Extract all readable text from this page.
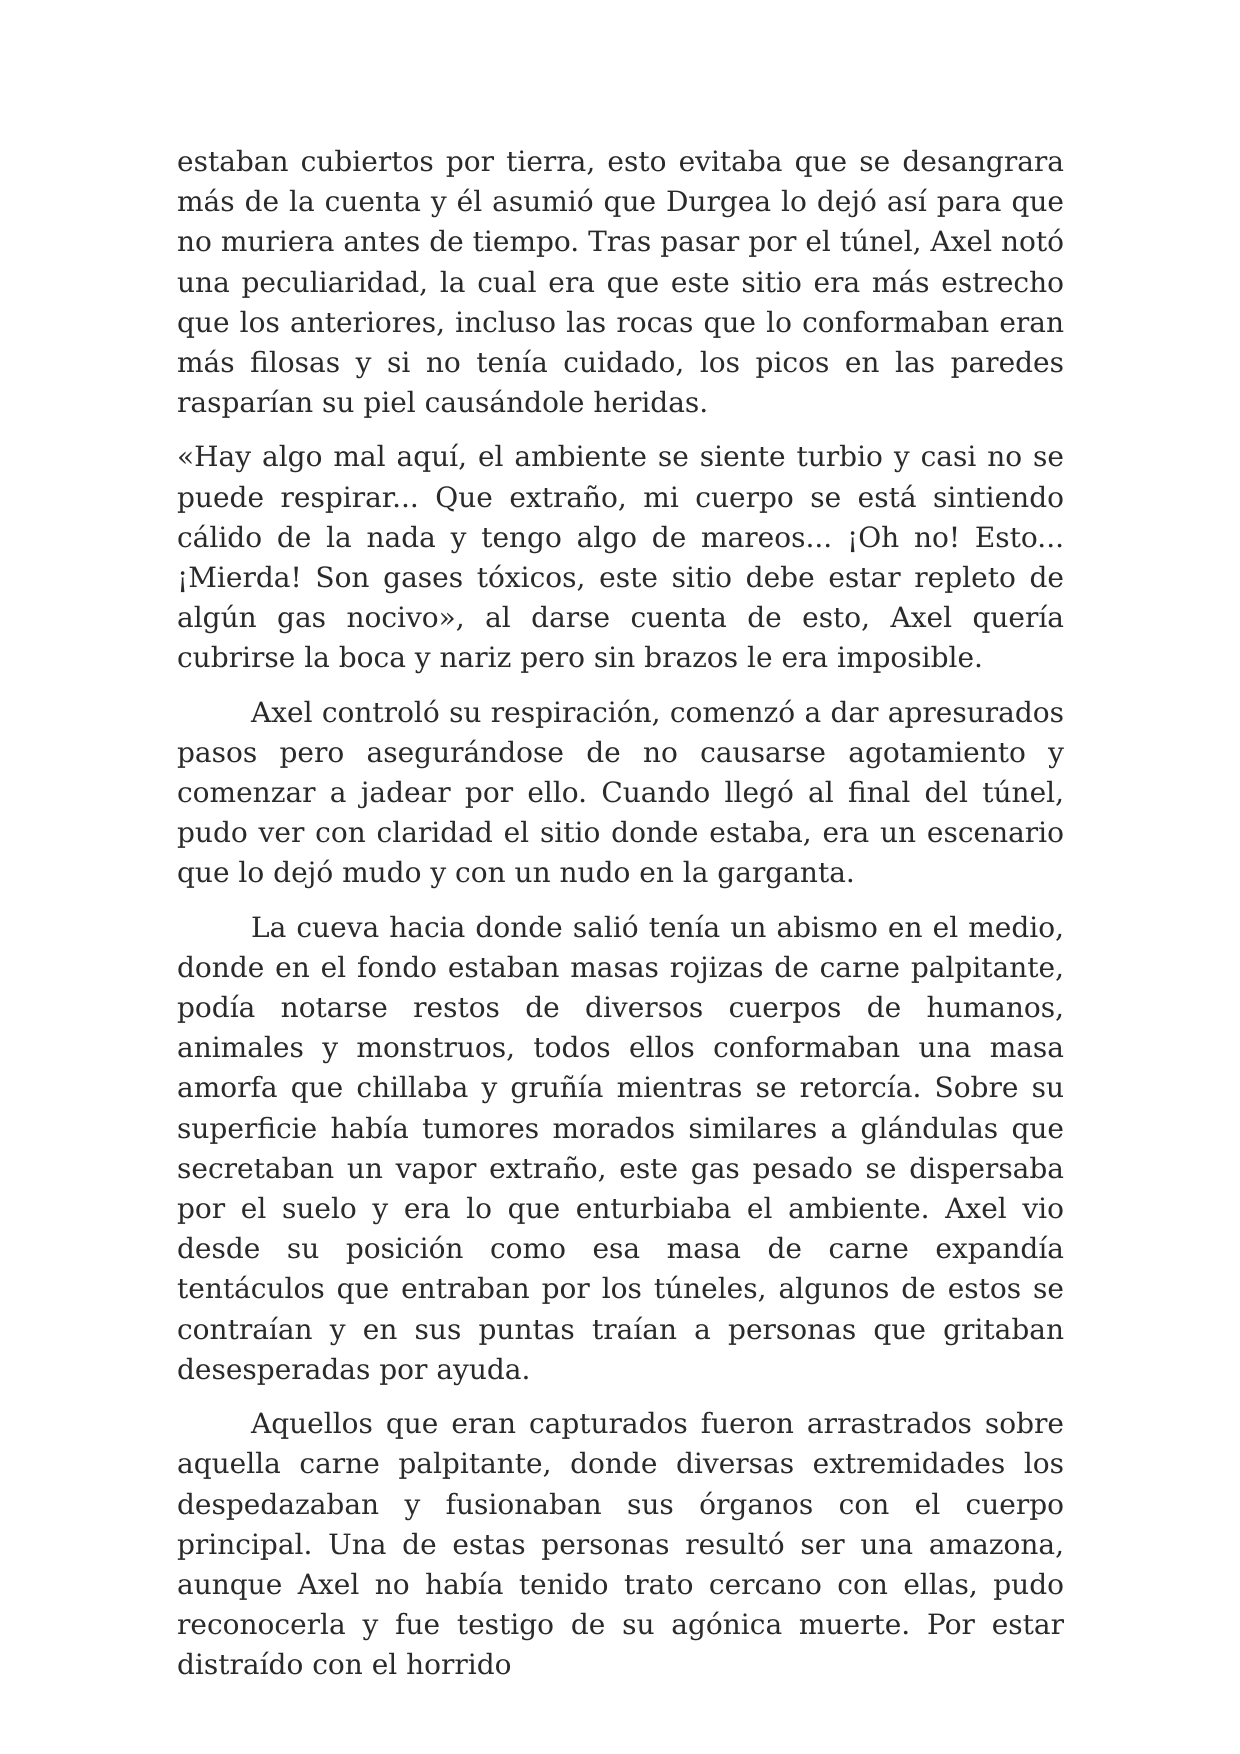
estaban cubiertos por tierra, esto evitaba que se desangrara más de la cuenta y él asumió que Durgea lo dejó así para que no muriera antes de tiempo. Tras pasar por el túnel, Axel notó una peculiaridad, la cual era que este sitio era más estrecho que los anteriores, incluso las rocas que lo conformaban eran más filosas y si no tenía cuidado, los picos en las paredes rasparían su piel causándole heridas.

«Hay algo mal aquí, el ambiente se siente turbio y casi no se puede respirar... Que extraño, mi cuerpo se está sintiendo cálido de la nada y tengo algo de mareos... ¡Oh no! Esto... ¡Mierda! Son gases tóxicos, este sitio debe estar repleto de algún gas nocivo», al darse cuenta de esto, Axel quería cubrirse la boca y nariz pero sin brazos le era imposible.

Axel controló su respiración, comenzó a dar apresurados pasos pero asegurándose de no causarse agotamiento y comenzar a jadear por ello. Cuando llegó al final del túnel, pudo ver con claridad el sitio donde estaba, era un escenario que lo dejó mudo y con un nudo en la garganta.

La cueva hacia donde salió tenía un abismo en el medio, donde en el fondo estaban masas rojizas de carne palpitante, podía notarse restos de diversos cuerpos de humanos, animales y monstruos, todos ellos conformaban una masa amorfa que chillaba y gruñía mientras se retorcía. Sobre su superficie había tumores morados similares a glándulas que secretaban un vapor extraño, este gas pesado se dispersaba por el suelo y era lo que enturbiaba el ambiente. Axel vio desde su posición como esa masa de carne expandía tentáculos que entraban por los túneles, algunos de estos se contraían y en sus puntas traían a personas que gritaban desesperadas por ayuda.

Aquellos que eran capturados fueron arrastrados sobre aquella carne palpitante, donde diversas extremidades los despedazaban y fusionaban sus órganos con el cuerpo principal. Una de estas personas resultó ser una amazona, aunque Axel no había tenido trato cercano con ellas, pudo reconocerla y fue testigo de su agónica muerte. Por estar distraído con el horrido
